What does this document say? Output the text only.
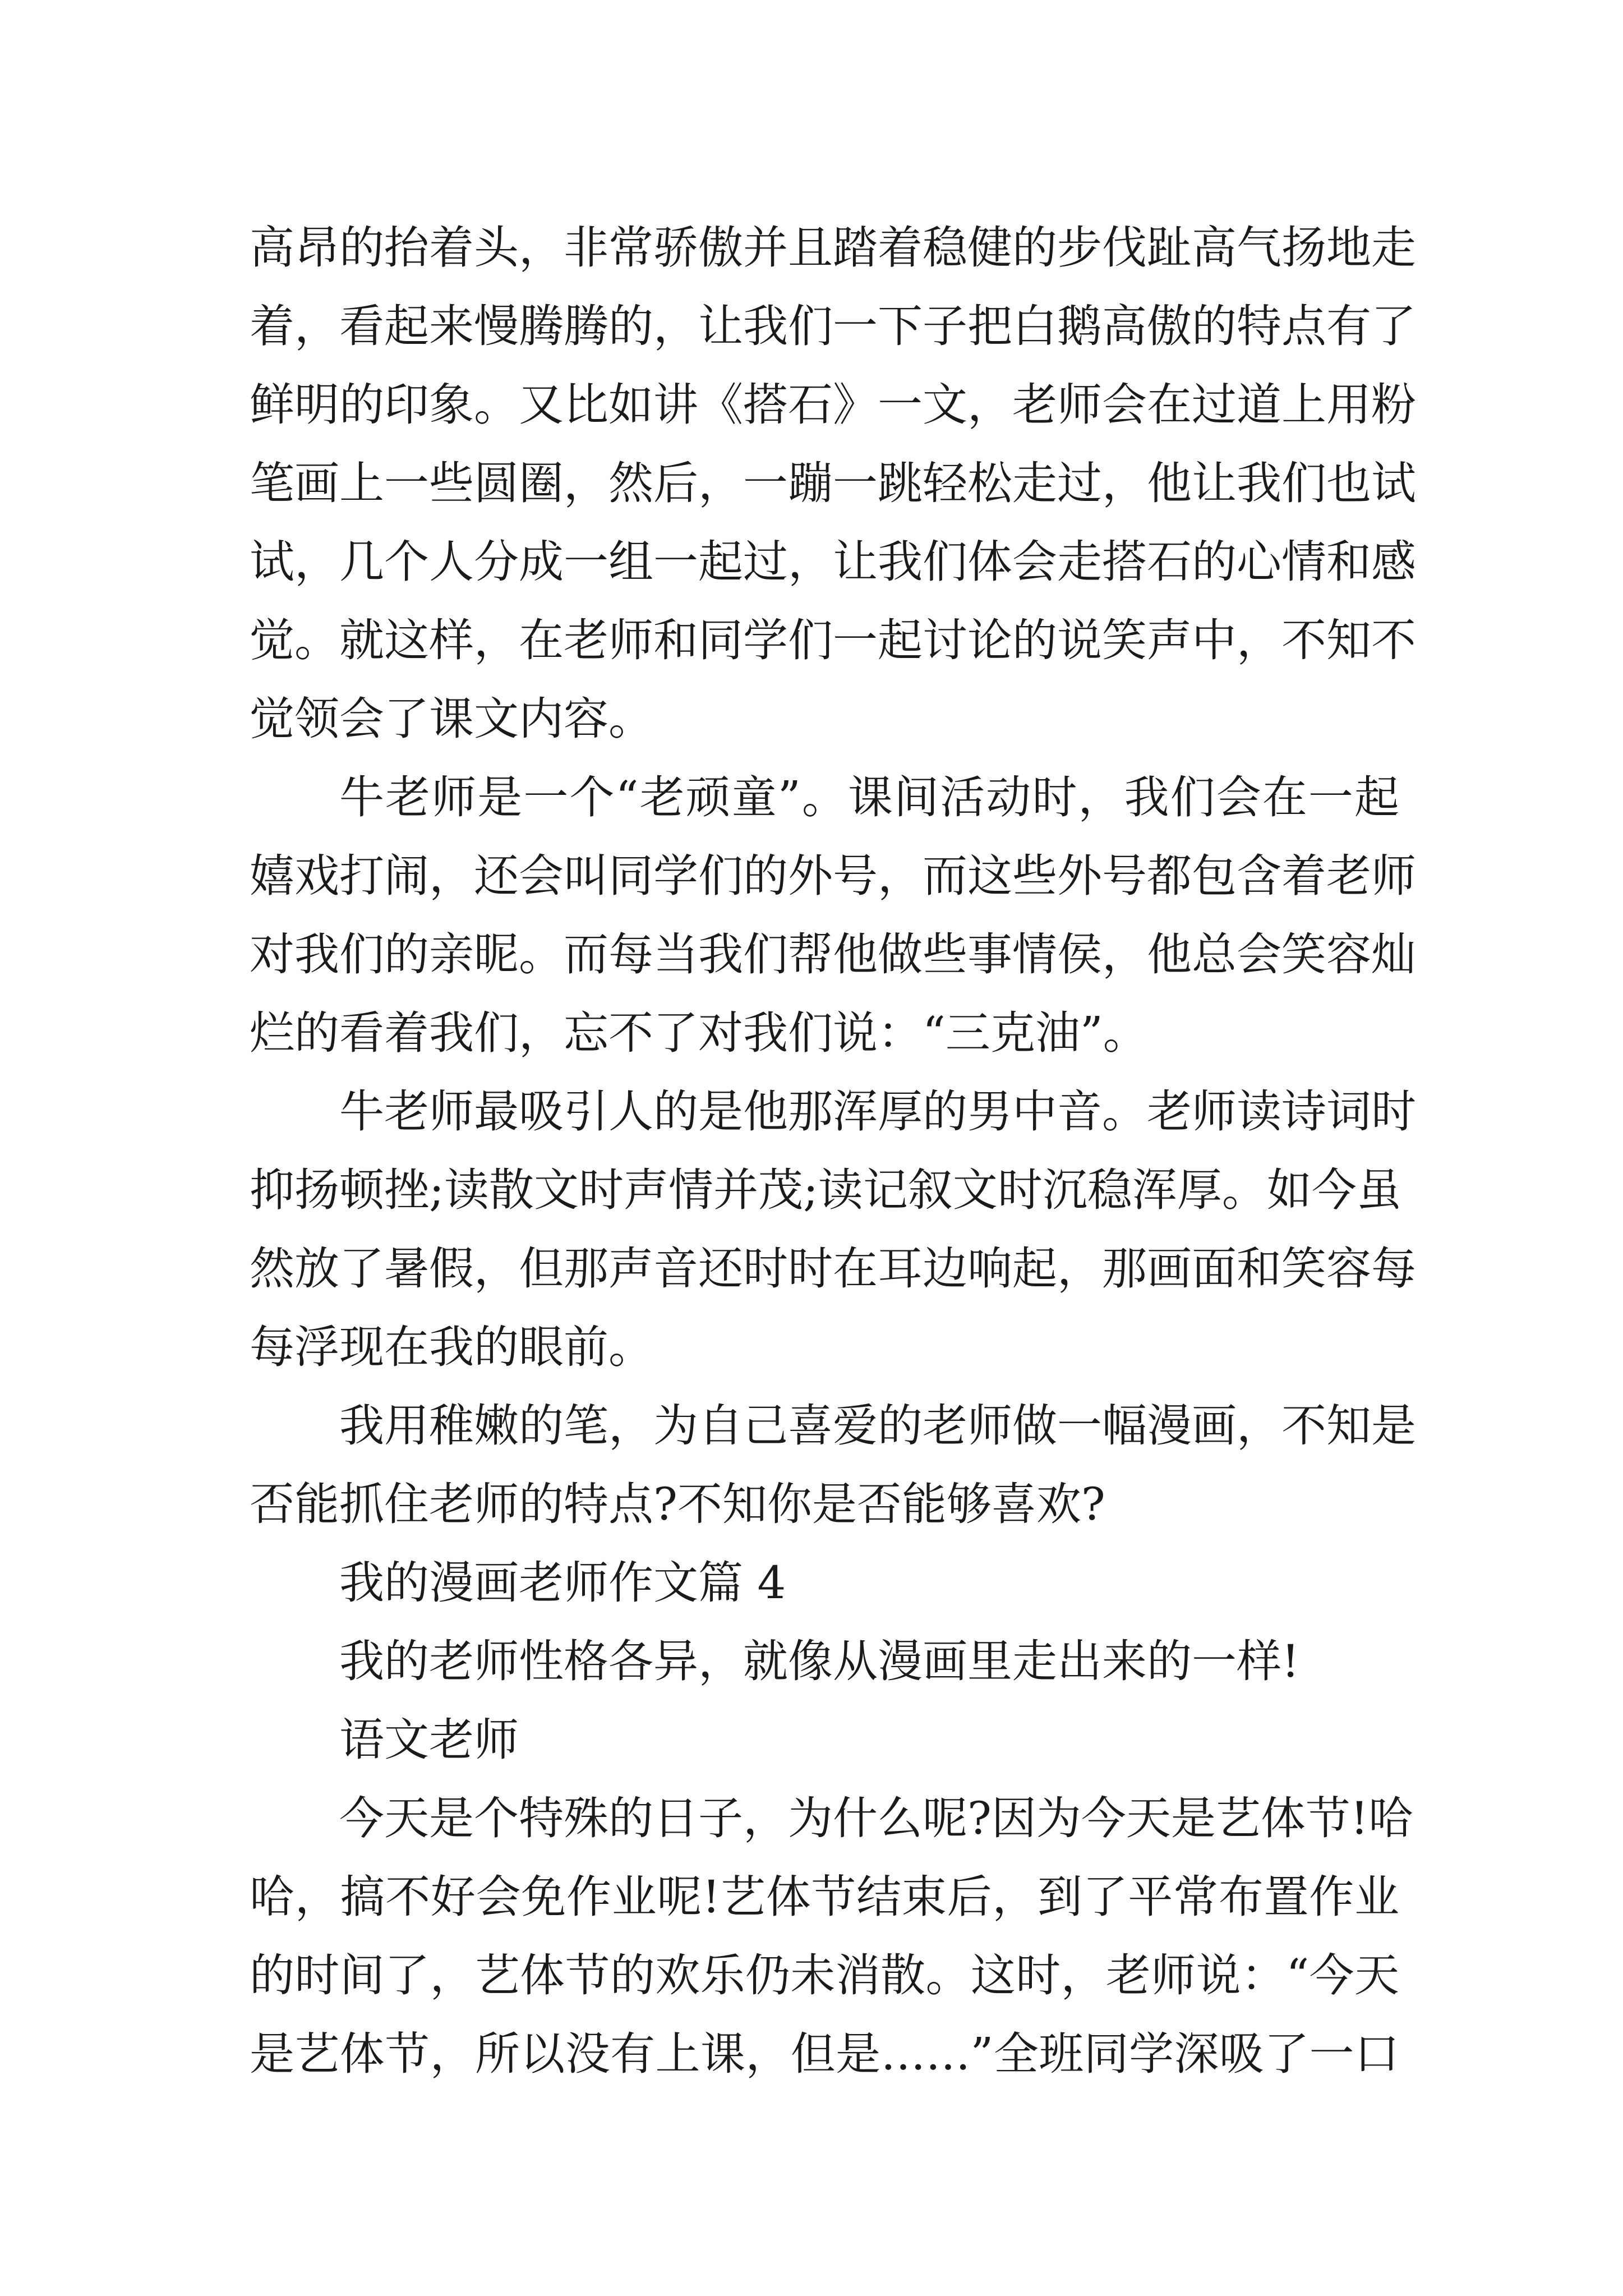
高昂的抬着头，非常骄傲并且踏着稳健的步伐趾高气扬地走

着，看起来慢腾腾的，让我们一下子把白鹅高傲的特点有了

鲜明的印象。又比如讲《搭石》一文，老师会在过道上用粉

笔画上一些圆圈，然后，一蹦一跳轻松走过，他让我们也试

试，几个人分成一组一起过，让我们体会走搭石的心情和感

觉。就这样，在老师和同学们一起讨论的说笑声中，不知不

觉领会了课文内容。

牛老师是一个“老顽童”。课间活动时，我们会在一起

嬉戏打闹，还会叫同学们的外号，而这些外号都包含着老师

对我们的亲昵。而每当我们帮他做些事情侯，他总会笑容灿

烂的看着我们，忘不了对我们说：“三克油”。

牛老师最吸引人的是他那浑厚的男中音。老师读诗词时

抑扬顿挫;读散文时声情并茂;读记叙文时沉稳浑厚。如今虽

然放了暑假，但那声音还时时在耳边响起，那画面和笑容每

每浮现在我的眼前。

我用稚嫩的笔，为自己喜爱的老师做一幅漫画，不知是

否能抓住老师的特点?不知你是否能够喜欢?

我的漫画老师作文篇 4

我的老师性格各异，就像从漫画里走出来的一样!

语文老师

今天是个特殊的日子，为什么呢?因为今天是艺体节!哈

哈，搞不好会免作业呢!艺体节结束后，到了平常布置作业

的时间了，艺体节的欢乐仍未消散。这时，老师说：“今天

是艺体节，所以没有上课，但是……”全班同学深吸了一口
